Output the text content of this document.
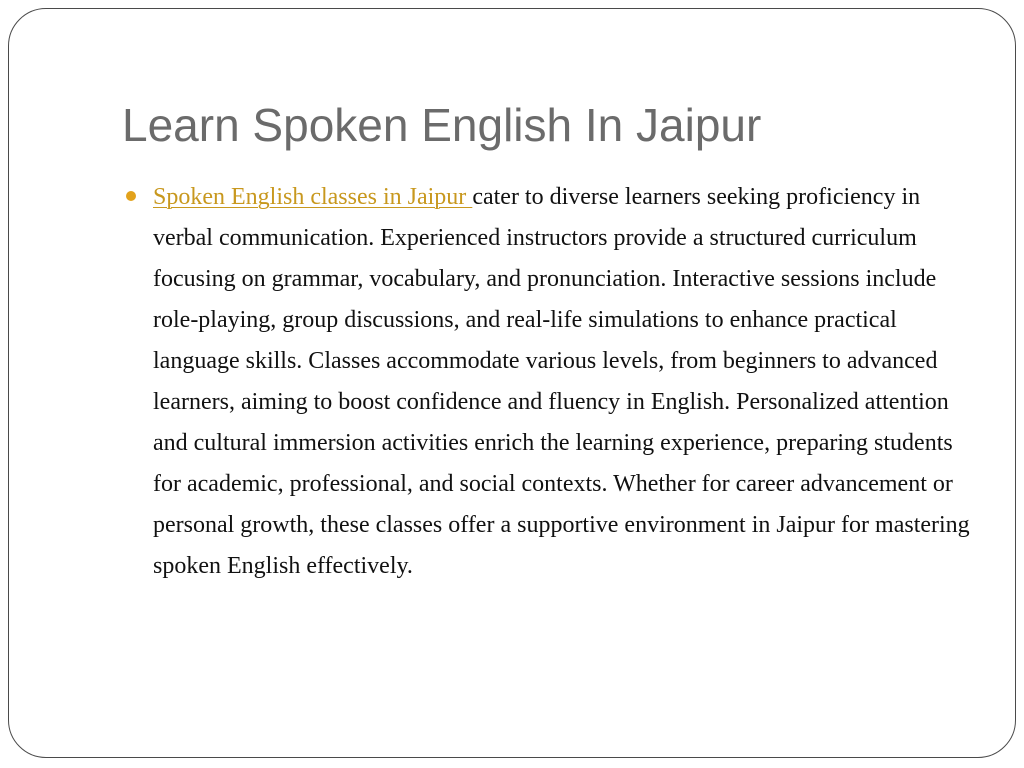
Learn Spoken English In Jaipur

Spoken English classes in Jaipur cater to diverse learners seeking proficiency in verbal communication. Experienced instructors provide a structured curriculum focusing on grammar, vocabulary, and pronunciation. Interactive sessions include role-playing, group discussions, and real-life simulations to enhance practical language skills. Classes accommodate various levels, from beginners to advanced learners, aiming to boost confidence and fluency in English. Personalized attention and cultural immersion activities enrich the learning experience, preparing students for academic, professional, and social contexts. Whether for career advancement or personal growth, these classes offer a supportive environment in Jaipur for mastering spoken English effectively.
